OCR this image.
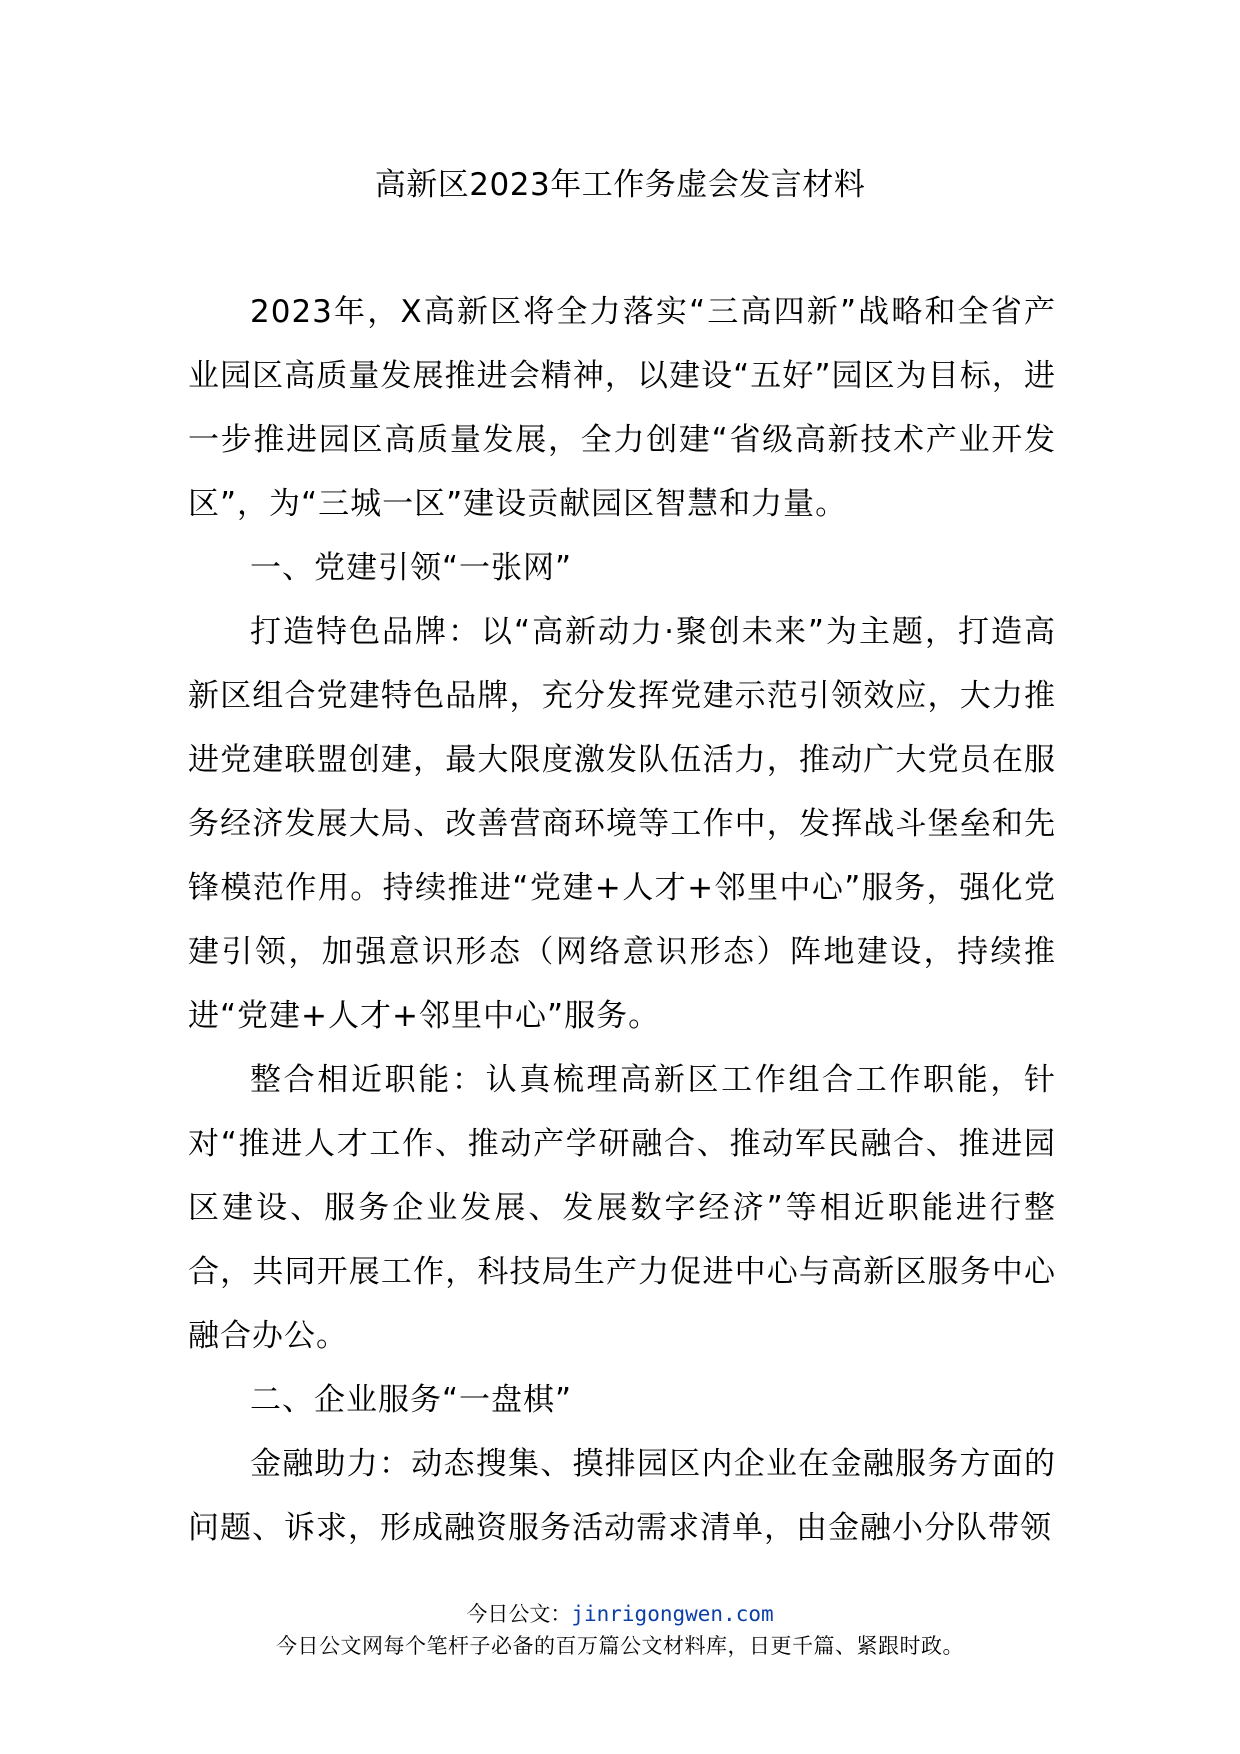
高新区2023年工作务虚会发言材料

2023年，X高新区将全力落实“三高四新”战略和全省产业园区高质量发展推进会精神，以建设“五好”园区为目标，进一步推进园区高质量发展，全力创建“省级高新技术产业开发区”，为“三城一区”建设贡献园区智慧和力量。

一、党建引领“一张网”

打造特色品牌：以“高新动力·聚创未来”为主题，打造高新区组合党建特色品牌，充分发挥党建示范引领效应，大力推进党建联盟创建，最大限度激发队伍活力，推动广大党员在服务经济发展大局、改善营商环境等工作中，发挥战斗堡垒和先锋模范作用。持续推进“党建+人才+邻里中心”服务，强化党建引领，加强意识形态（网络意识形态）阵地建设，持续推进“党建+人才+邻里中心”服务。

整合相近职能：认真梳理高新区工作组合工作职能，针对“推进人才工作、推动产学研融合、推动军民融合、推进园区建设、服务企业发展、发展数字经济”等相近职能进行整合，共同开展工作，科技局生产力促进中心与高新区服务中心融合办公。

二、企业服务“一盘棋”

金融助力：动态搜集、摸排园区内企业在金融服务方面的问题、诉求，形成融资服务活动需求清单，由金融小分队带领

今日公文：jinrigongwen.com
今日公文网每个笔杆子必备的百万篇公文材料库，日更千篇、紧跟时政。
